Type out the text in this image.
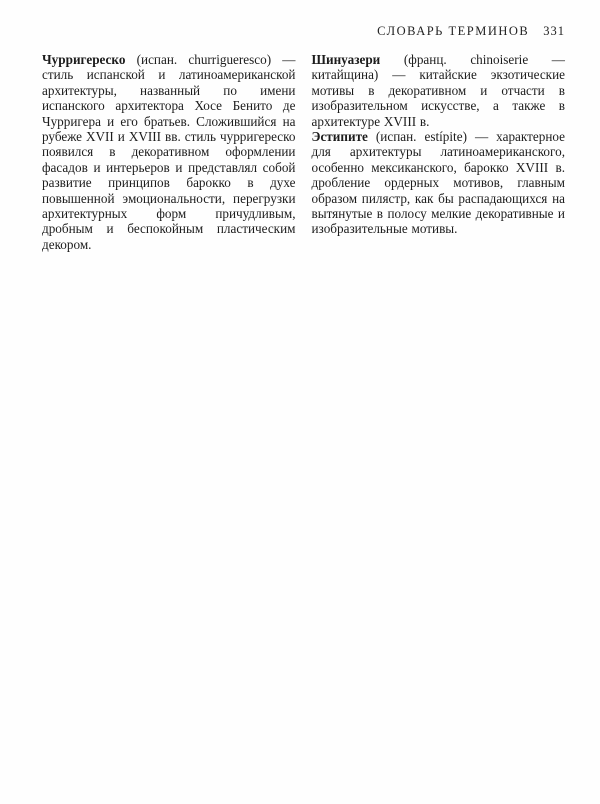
СЛОВАРЬ ТЕРМИНОВ 331

Чурригереско (испан. churrigueresco) — стиль испанской и латиноамериканской архитектуры, названный по имени испанского архитектора Хосе Бенито де Чурригера и его братьев. Сложившийся на рубеже XVII и XVIII вв. стиль чурригереско появился в декоративном оформлении фасадов и интерьеров и представлял собой развитие принципов барокко в духе повышенной эмоциональности, перегрузки архитектурных форм причудливым, дробным и беспокойным пластическим декором.

Шинуазери (франц. chinoiserie — китайщина) — китайские экзотические мотивы в декоративном и отчасти в изобразительном искусстве, а также в архитектуре XVIII в.

Эстипите (испан. estípite) — характерное для архитектуры латиноамериканского, особенно мексиканского, барокко XVIII в. дробление ордерных мотивов, главным образом пилястр, как бы распадающихся на вытянутые в полосу мелкие декоративные и изобразительные мотивы.
